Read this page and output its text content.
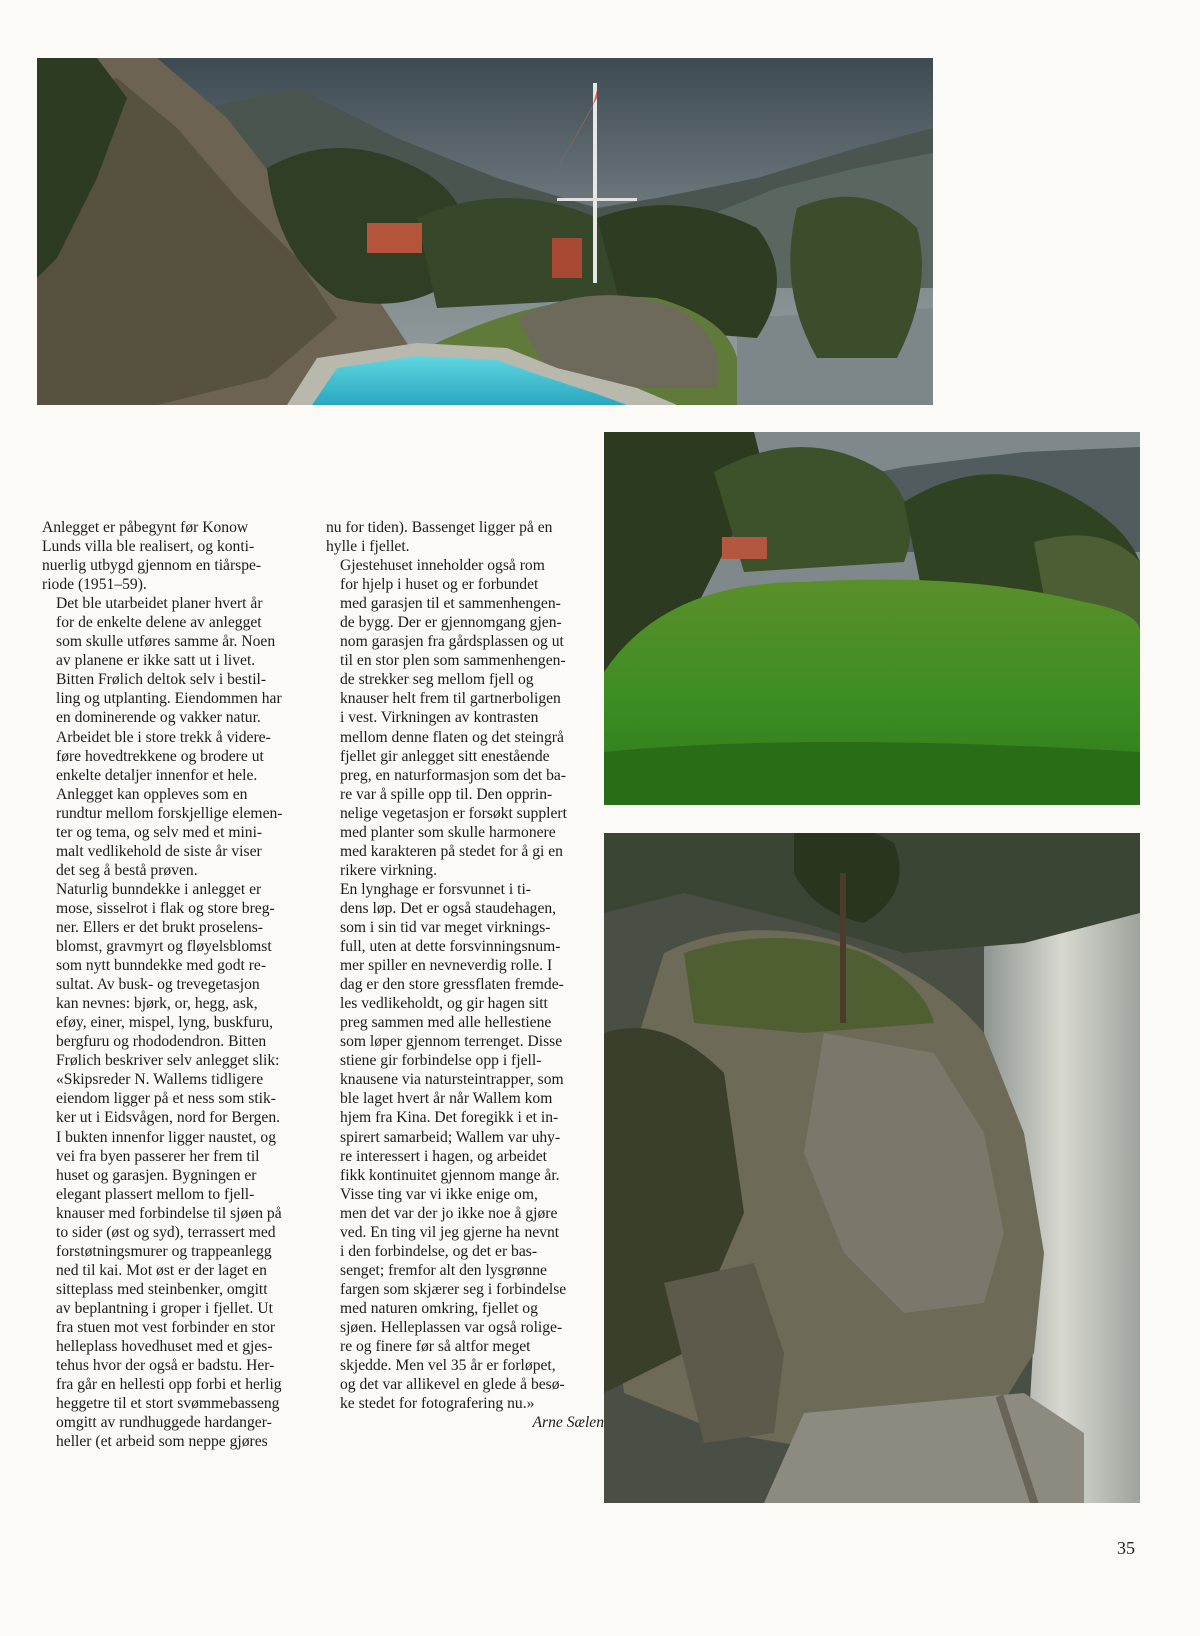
Anlegget er påbegynt før Konow
Lunds villa ble realisert, og konti-
nuerlig utbygd gjennom en tiårspe-
riode (1951–59).

Det ble utarbeidet planer hvert år
for de enkelte delene av anlegget
som skulle utføres samme år. Noen
av planene er ikke satt ut i livet.
Bitten Frølich deltok selv i bestil-
ling og utplanting. Eiendommen har
en dominerende og vakker natur.
Arbeidet ble i store trekk å videre-
føre hovedtrekkene og brodere ut
enkelte detaljer innenfor et hele.
Anlegget kan oppleves som en
rundtur mellom forskjellige elemen-
ter og tema, og selv med et mini-
malt vedlikehold de siste år viser
det seg å bestå prøven.

Naturlig bunndekke i anlegget er
mose, sisselrot i flak og store breg-
ner. Ellers er det brukt proselens-
blomst, gravmyrt og fløyelsblomst
som nytt bunndekke med godt re-
sultat. Av busk- og trevegetasjon
kan nevnes: bjørk, or, hegg, ask,
eføy, einer, mispel, lyng, buskfuru,
bergfuru og rhododendron. Bitten
Frølich beskriver selv anlegget slik:
«Skipsreder N. Wallems tidligere
eiendom ligger på et ness som stik-
ker ut i Eidsvågen, nord for Bergen.
I bukten innenfor ligger naustet, og
vei fra byen passerer her frem til
huset og garasjen. Bygningen er
elegant plassert mellom to fjell-
knauser med forbindelse til sjøen på
to sider (øst og syd), terrassert med
forstøtningsmurer og trappeanlegg
ned til kai. Mot øst er der laget en
sitteplass med steinbenker, omgitt
av beplantning i groper i fjellet. Ut
fra stuen mot vest forbinder en stor
helleplass hovedhuset med et gjes-
tehus hvor der også er badstu. Her-
fra går en hellesti opp forbi et herlig
heggetre til et stort svømmebasseng
omgitt av rundhuggede hardanger-
heller (et arbeid som neppe gjøres

nu for tiden). Bassenget ligger på en
hylle i fjellet.

Gjestehuset inneholder også rom
for hjelp i huset og er forbundet
med garasjen til et sammenhengen-
de bygg. Der er gjennomgang gjen-
nom garasjen fra gårdsplassen og ut
til en stor plen som sammenhengen-
de strekker seg mellom fjell og
knauser helt frem til gartnerboligen
i vest. Virkningen av kontrasten
mellom denne flaten og det steingrå
fjellet gir anlegget sitt enestående
preg, en naturformasjon som det ba-
re var å spille opp til. Den opprin-
nelige vegetasjon er forsøkt supplert
med planter som skulle harmonere
med karakteren på stedet for å gi en
rikere virkning.

En lynghage er forsvunnet i ti-
dens løp. Det er også staudehagen,
som i sin tid var meget virknings-
full, uten at dette forsvinningsnum-
mer spiller en nevneverdig rolle. I
dag er den store gressflaten fremde-
les vedlikeholdt, og gir hagen sitt
preg sammen med alle hellestiene
som løper gjennom terrenget. Disse
stiene gir forbindelse opp i fjell-
knausene via natursteintrapper, som
ble laget hvert år når Wallem kom
hjem fra Kina. Det foregikk i et in-
spirert samarbeid; Wallem var uhy-
re interessert i hagen, og arbeidet
fikk kontinuitet gjennom mange år.
Visse ting var vi ikke enige om,
men det var der jo ikke noe å gjøre
ved. En ting vil jeg gjerne ha nevnt
i den forbindelse, og det er bas-
senget; fremfor alt den lysgrønne
fargen som skjærer seg i forbindelse
med naturen omkring, fjellet og
sjøen. Helleplassen var også rolige-
re og finere før så altfor meget
skjedde. Men vel 35 år er forløpet,
og det var allikevel en glede å besø-
ke stedet for fotografering nu.»

Arne Sælen
35
